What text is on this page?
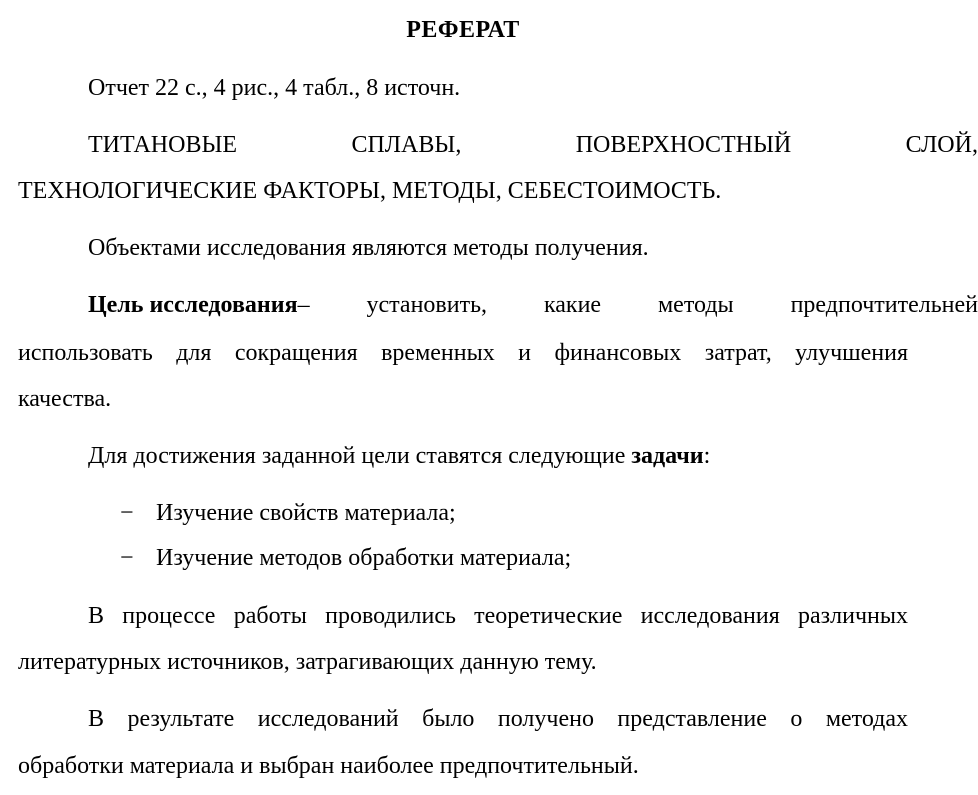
РЕФЕРАТ
Отчет 22 с., 4 рис., 4 табл., 8 источн.
ТИТАНОВЫЕ	СПЛАВЫ,	ПОВЕРХНОСТНЫЙ	СЛОЙ,
ТЕХНОЛОГИЧЕСКИЕ ФАКТОРЫ, МЕТОДЫ, СЕБЕСТОИМОСТЬ.
Объектами исследования являются методы получения.
Цель исследования – установить, какие методы предпочтительней
использовать для сокращения временных и финансовых затрат, улучшения
качества.
Для достижения заданной цели ставятся следующие задачи:
− Изучение свойств материала;
− Изучение методов обработки материала;
В процессе работы проводились теоретические исследования различных
литературных источников, затрагивающих данную тему.
В результате исследований было получено представление о методах
обработки материала и выбран наиболее предпочтительный.
